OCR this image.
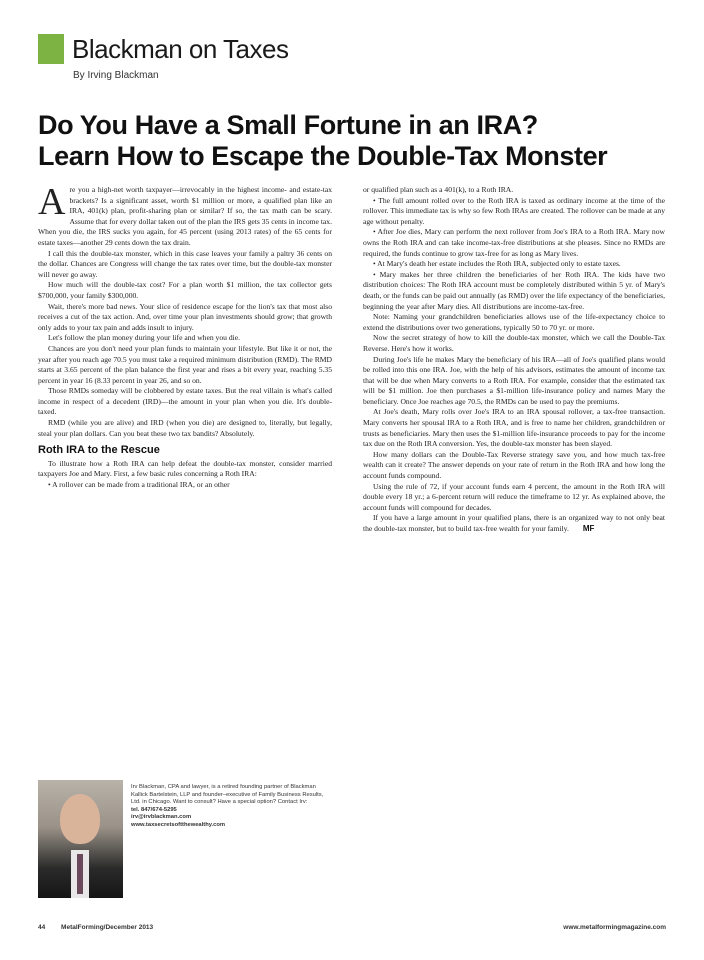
Blackman on Taxes
By Irving Blackman
Do You Have a Small Fortune in an IRA?
Learn How to Escape the Double-Tax Monster

Are you a high-net worth taxpayer—irrevocably in the highest income- and estate-tax brackets? Is a significant asset, worth $1 million or more, a qualified plan like an IRA, 401(k) plan, profit-sharing plan or similar? If so, the tax math can be scary. Assume that for every dollar taken out of the plan the IRS gets 35 cents in income tax. When you die, the IRS sucks you again, for 45 percent (using 2013 rates) of the 65 cents for estate taxes—another 29 cents down the tax drain.

I call this the double-tax monster, which in this case leaves your family a paltry 36 cents on the dollar. Chances are Congress will change the tax rates over time, but the double-tax monster will never go away.

How much will the double-tax cost? For a plan worth $1 million, the tax collector gets $700,000, your family $300,000.

Wait, there's more bad news. Your slice of residence escape for the lion's tax that most also receives a cut of the tax action. And, over time your plan investments should grow; that growth only adds to your tax pain and adds insult to injury.

Let's follow the plan money during your life and when you die.

Chances are you don't need your plan funds to maintain your lifestyle. But like it or not, the year after you reach age 70.5 you must take a required minimum distribution (RMD). The RMD starts at 3.65 percent of the plan balance the first year and rises a bit every year, reaching 5.35 percent in year 16 (8.33 percent in year 26, and so on.

Those RMDs someday will be clobbered by estate taxes. But the real villain is what's called income in respect of a decedent (IRD)—the amount in your plan when you die. It's double-taxed.

RMD (while you are alive) and IRD (when you die) are designed to, literally, but legally, steal your plan dollars. Can you beat these two tax bandits? Absolutely.

Roth IRA to the Rescue

To illustrate how a Roth IRA can help defeat the double-tax monster, consider married taxpayers Joe and Mary. First, a few basic rules concerning a Roth IRA:

• A rollover can be made from a traditional IRA, or an other

Irv Blackman, CPA and lawyer, is a retired founding partner of Blackman Kallick Bartelstein, LLP and founder–executive of Family Business Results, Ltd. in Chicago. Want to consult? Have a special option? Contact Irv:
tel. 847/674-5295
irv@irvblackman.com
www.taxsecretsoftthewealthy.com

or qualified plan such as a 401(k), to a Roth IRA.

• The full amount rolled over to the Roth IRA is taxed as ordinary income at the time of the rollover. This immediate tax is why so few Roth IRAs are created. The rollover can be made at any age without penalty.

• After Joe dies, Mary can perform the next rollover from Joe's IRA to a Roth IRA. Mary now owns the Roth IRA and can take income-tax-free distributions at she pleases. Since no RMDs are required, the funds continue to grow tax-free for as long as Mary lives.

• At Mary's death her estate includes the Roth IRA, subjected only to estate taxes.

• Mary makes her three children the beneficiaries of her Roth IRA. The kids have two distribution choices: The Roth IRA account must be completely distributed within 5 yr. of Mary's death, or the funds can be paid out annually (as RMD) over the life expectancy of the beneficiaries, beginning the year after Mary dies. All distributions are income-tax-free.

Note: Naming your grandchildren beneficiaries allows use of the life-expectancy choice to extend the distributions over two generations, typically 50 to 70 yr. or more.

Now the secret strategy of how to kill the double-tax monster, which we call the Double-Tax Reverse. Here's how it works.

During Joe's life he makes Mary the beneficiary of his IRA—all of Joe's qualified plans would be rolled into this one IRA. Joe, with the help of his advisors, estimates the amount of income tax that will be due when Mary converts to a Roth IRA. For example, consider that the estimated tax will be $1 million. Joe then purchases a $1-million life-insurance policy and names Mary the beneficiary. Once Joe reaches age 70.5, the RMDs can be used to pay the premiums.

At Joe's death, Mary rolls over Joe's IRA to an IRA spousal rollover, a tax-free transaction. Mary converts her spousal IRA to a Roth IRA, and is free to name her children, grandchildren or trusts as beneficiaries. Mary then uses the $1-million life-insurance proceeds to pay for the income tax due on the Roth IRA conversion. Yes, the double-tax monster has been slayed.

How many dollars can the Double-Tax Reverse strategy save you, and how much tax-free wealth can it create? The answer depends on your rate of return in the Roth IRA and how long the account funds compound.

Using the rule of 72, if your account funds earn 4 percent, the amount in the Roth IRA will double every 18 yr.; a 6-percent return will reduce the timeframe to 12 yr. As explained above, the account funds will compound for decades.

If you have a large amount in your qualified plans, there is an organized way to not only beat the double-tax monster, but to build tax-free wealth for your family. MF

44 MetalForming/December 2013	www.metalformingmagazine.com
